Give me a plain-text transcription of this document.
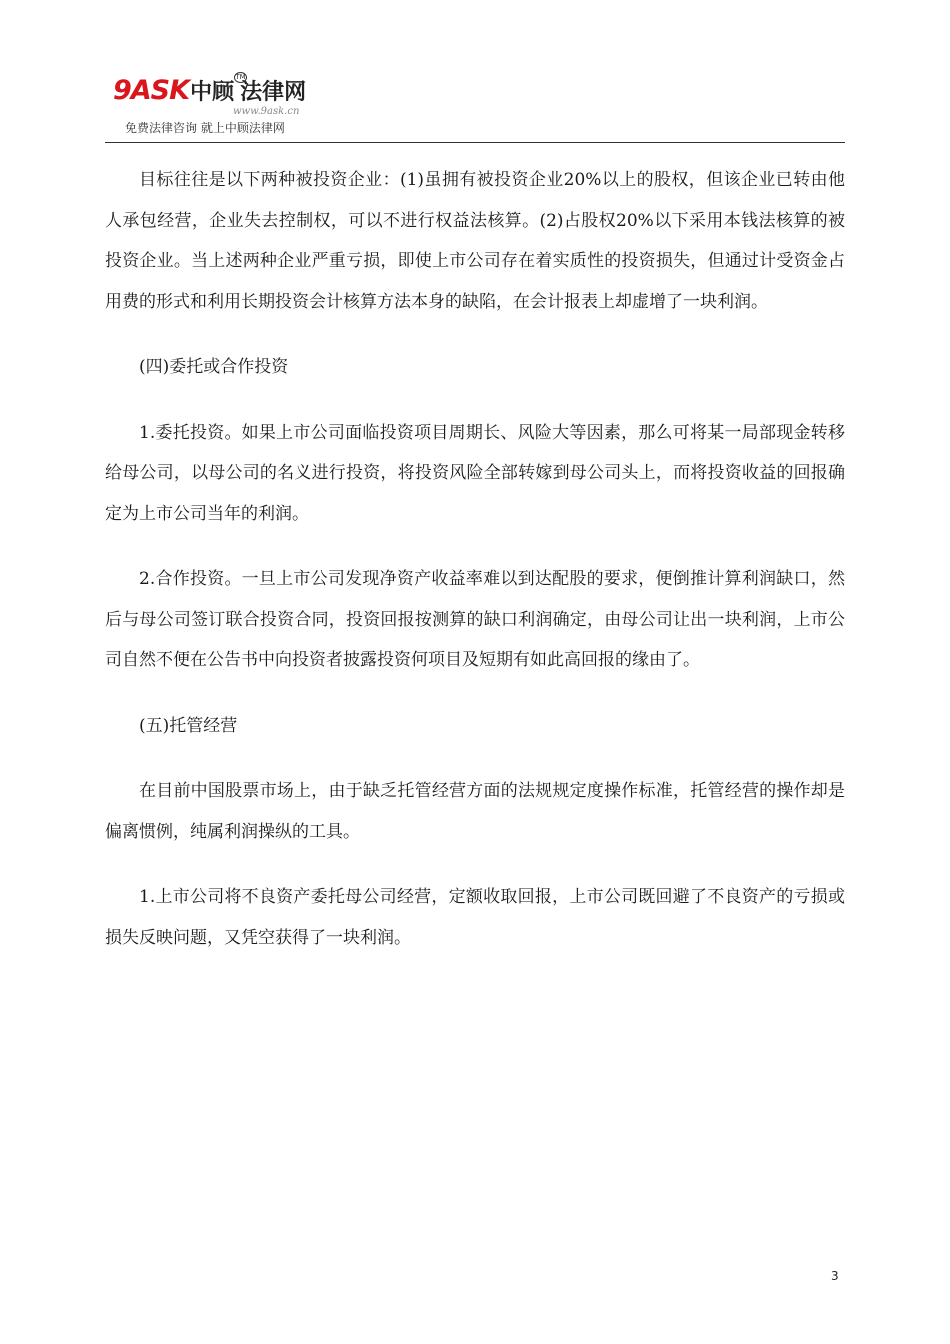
9ASK中顾 法律网
TM
www.9ask.cn
免费法律咨询 就上中顾法律网

目标往往是以下两种被投资企业：(1)虽拥有被投资企业20%以上的股权，但该企业已转由他人承包经营，企业失去控制权，可以不进行权益法核算。(2)占股权20%以下采用本钱法核算的被投资企业。当上述两种企业严重亏损，即使上市公司存在着实质性的投资损失，但通过计受资金占用费的形式和利用长期投资会计核算方法本身的缺陷，在会计报表上却虚增了一块利润。

(四)委托或合作投资

1.委托投资。如果上市公司面临投资项目周期长、风险大等因素，那么可将某一局部现金转移给母公司，以母公司的名义进行投资，将投资风险全部转嫁到母公司头上，而将投资收益的回报确定为上市公司当年的利润。

2.合作投资。一旦上市公司发现净资产收益率难以到达配股的要求，便倒推计算利润缺口，然后与母公司签订联合投资合同，投资回报按测算的缺口利润确定，由母公司让出一块利润，上市公司自然不便在公告书中向投资者披露投资何项目及短期有如此高回报的缘由了。

(五)托管经营

在目前中国股票市场上，由于缺乏托管经营方面的法规规定度操作标准，托管经营的操作却是偏离惯例，纯属利润操纵的工具。

1.上市公司将不良资产委托母公司经营，定额收取回报，上市公司既回避了不良资产的亏损或损失反映问题，又凭空获得了一块利润。

3
